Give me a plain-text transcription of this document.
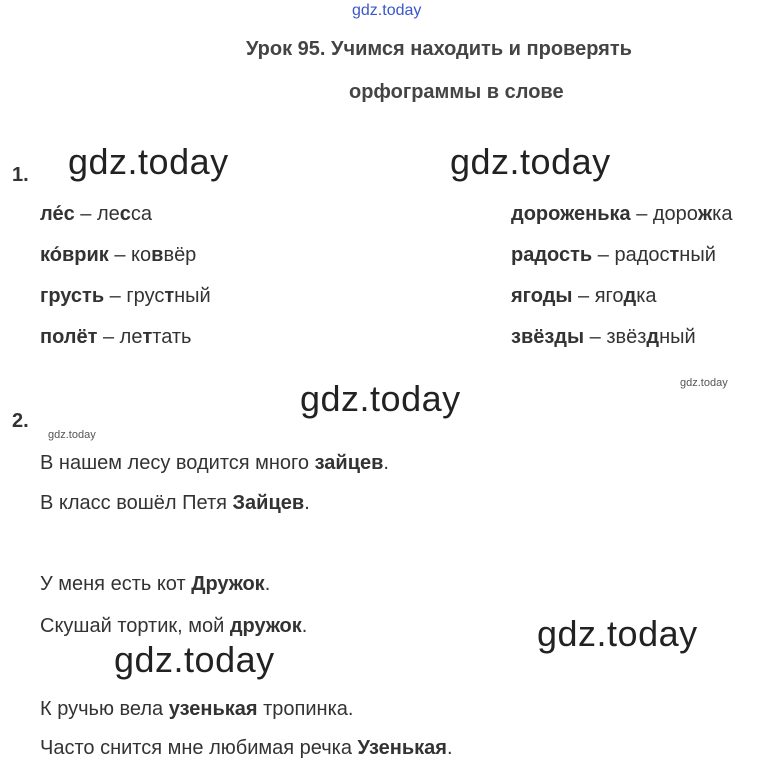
gdz.today
gdz.today	gdz.today
gdz.today
gdz.today
gdz.today
gdz.today
gdz.today
Урок 95. Учимся находить и проверять
орфограммы в слове
1.
ле́с – лесса
ко́врик – коввёр
грусть – грустный
полёт – леттать
дороженька – дорожка
радость – радостный
ягоды – ягодка
звёзды – звёздный
2.
В нашем лесу водится много зайцев.
В класс вошёл Петя Зайцев.
У меня есть кот Дружок.
Скушай тортик, мой дружок.
К ручью вела узенькая тропинка.
Часто снится мне любимая речка Узенькая.
